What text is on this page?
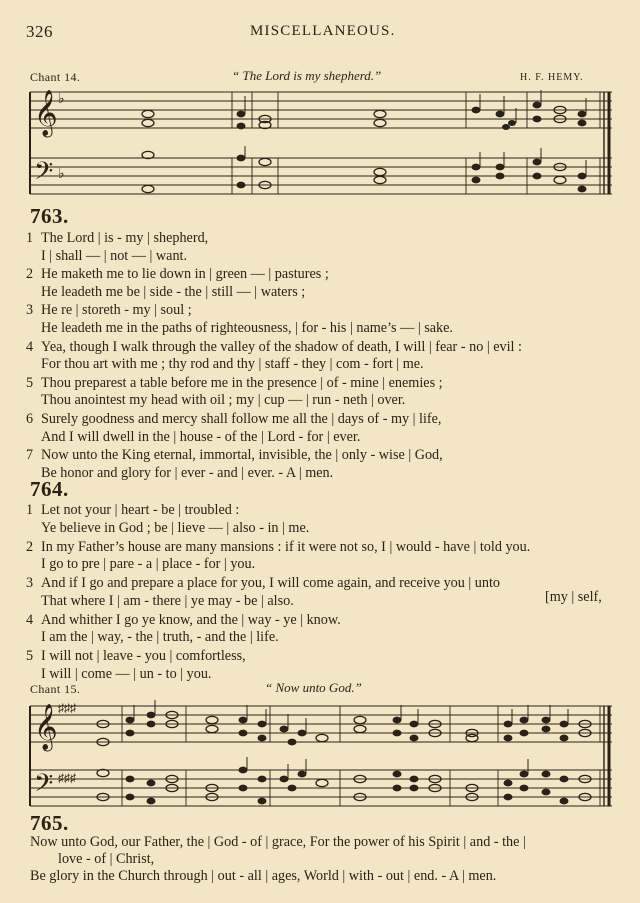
326	MISCELLANEOUS.
Chant 14.	“ The Lord is my shepherd.”	H. F. HEMY.
𝄞
𝄢
♭
♭
763.
1 The Lord | is - my | shepherd,
I | shall — | not — | want.
2 He maketh me to lie down in | green — | pastures ;
He leadeth me be | side - the | still — | waters ;
3 He re | storeth - my | soul ;
He leadeth me in the paths of righteousness, | for - his | name’s — | sake.
4 Yea, though I walk through the valley of the shadow of death, I will | fear - no | evil :
For thou art with me ; thy rod and thy | staff - they | com - fort | me.
5 Thou preparest a table before me in the presence | of - mine | enemies ;
Thou anointest my head with oil ; my | cup — | run - neth | over.
6 Surely goodness and mercy shall follow me all the | days of - my | life,
And I will dwell in the | house - of the | Lord - for | ever.
7 Now unto the King eternal, immortal, invisible, the | only - wise | God,
Be honor and glory for | ever - and | ever. - A | men.
764.
1 Let not your | heart - be | troubled :
Ye believe in God ; be | lieve — | also - in | me.
2 In my Father’s house are many mansions : if it were not so, I | would - have | told you.
I go to pre | pare - a | place - for | you.
3 And if I go and prepare a place for you, I will come again, and receive you | unto
That where I | am - there | ye may - be | also.
4 And whither I go ye know, and the | way - ye | know.
I am the | way, - the | truth, - and the | life.
5 I will not | leave - you | comfortless,
I will | come — | un - to | you.
[my | self,
Chant 15.	“ Now unto God.”
𝄞
𝄢
♯♯♯
♯♯♯
765.
Now unto God, our Father, the | God - of | grace, For the power of his Spirit | and - the |
love - of | Christ,
Be glory in the Church through | out - all | ages, World | with - out | end. - A | men.
